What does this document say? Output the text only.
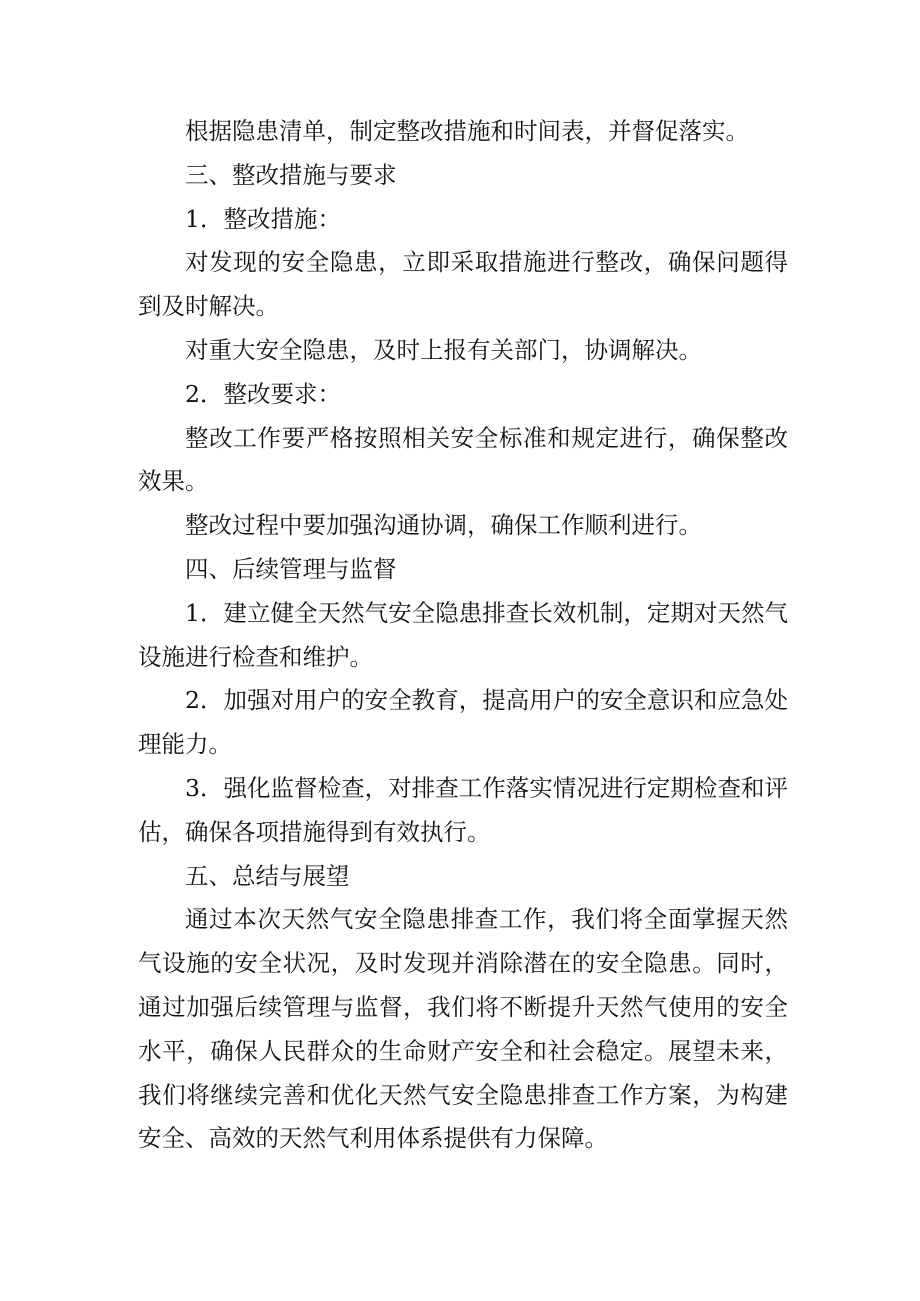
根据隐患清单，制定整改措施和时间表，并督促落实。

三、整改措施与要求

1．整改措施：

对发现的安全隐患，立即采取措施进行整改，确保问题得到及时解决。

对重大安全隐患，及时上报有关部门，协调解决。

2．整改要求：

整改工作要严格按照相关安全标准和规定进行，确保整改效果。

整改过程中要加强沟通协调，确保工作顺利进行。

四、后续管理与监督

1．建立健全天然气安全隐患排查长效机制，定期对天然气设施进行检查和维护。

2．加强对用户的安全教育，提高用户的安全意识和应急处理能力。

3．强化监督检查，对排查工作落实情况进行定期检查和评估，确保各项措施得到有效执行。

五、总结与展望

通过本次天然气安全隐患排查工作，我们将全面掌握天然气设施的安全状况，及时发现并消除潜在的安全隐患。同时，通过加强后续管理与监督，我们将不断提升天然气使用的安全水平，确保人民群众的生命财产安全和社会稳定。展望未来，我们将继续完善和优化天然气安全隐患排查工作方案，为构建安全、高效的天然气利用体系提供有力保障。
